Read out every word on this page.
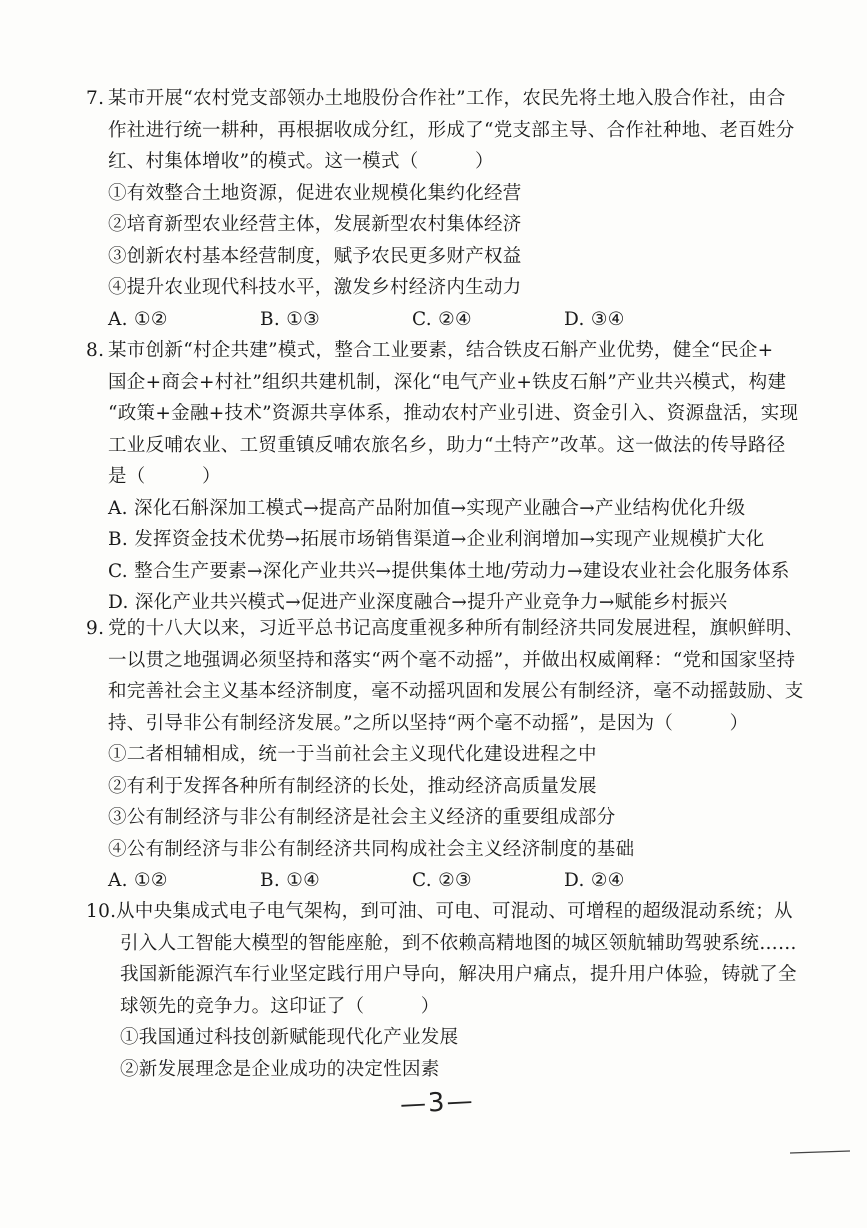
7. 某市开展“农村党支部领办土地股份合作社”工作，农民先将土地入股合作社，由合
作社进行统一耕种，再根据收成分红，形成了“党支部主导、合作社种地、老百姓分
红、村集体增收”的模式。这一模式（　　　）
①有效整合土地资源，促进农业规模化集约化经营
②培育新型农业经营主体，发展新型农村集体经济
③创新农村基本经营制度，赋予农民更多财产权益
④提升农业现代科技水平，激发乡村经济内生动力
A. ①②	B. ①③	C. ②④	D. ③④
8. 某市创新“村企共建”模式，整合工业要素，结合铁皮石斛产业优势，健全“民企+
国企+商会+村社”组织共建机制，深化“电气产业+铁皮石斛”产业共兴模式，构建
“政策+金融+技术”资源共享体系，推动农村产业引进、资金引入、资源盘活，实现
工业反哺农业、工贸重镇反哺农旅名乡，助力“土特产”改革。这一做法的传导路径
是（　　　）
A. 深化石斛深加工模式→提高产品附加值→实现产业融合→产业结构优化升级
B. 发挥资金技术优势→拓展市场销售渠道→企业利润增加→实现产业规模扩大化
C. 整合生产要素→深化产业共兴→提供集体土地/劳动力→建设农业社会化服务体系
D. 深化产业共兴模式→促进产业深度融合→提升产业竞争力→赋能乡村振兴
9. 党的十八大以来，习近平总书记高度重视多种所有制经济共同发展进程，旗帜鲜明、
一以贯之地强调必须坚持和落实“两个毫不动摇”，并做出权威阐释：“党和国家坚持
和完善社会主义基本经济制度，毫不动摇巩固和发展公有制经济，毫不动摇鼓励、支
持、引导非公有制经济发展。”之所以坚持“两个毫不动摇”，是因为（　　　）
①二者相辅相成，统一于当前社会主义现代化建设进程之中
②有利于发挥各种所有制经济的长处，推动经济高质量发展
③公有制经济与非公有制经济是社会主义经济的重要组成部分
④公有制经济与非公有制经济共同构成社会主义经济制度的基础
A. ①②	B. ①④	C. ②③	D. ②④
10.从中央集成式电子电气架构，到可油、可电、可混动、可增程的超级混动系统；从
引入人工智能大模型的智能座舱，到不依赖高精地图的城区领航辅助驾驶系统……
我国新能源汽车行业坚定践行用户导向，解决用户痛点，提升用户体验，铸就了全
球领先的竞争力。这印证了（　　　）
①我国通过科技创新赋能现代化产业发展
②新发展理念是企业成功的决定性因素
—3—
